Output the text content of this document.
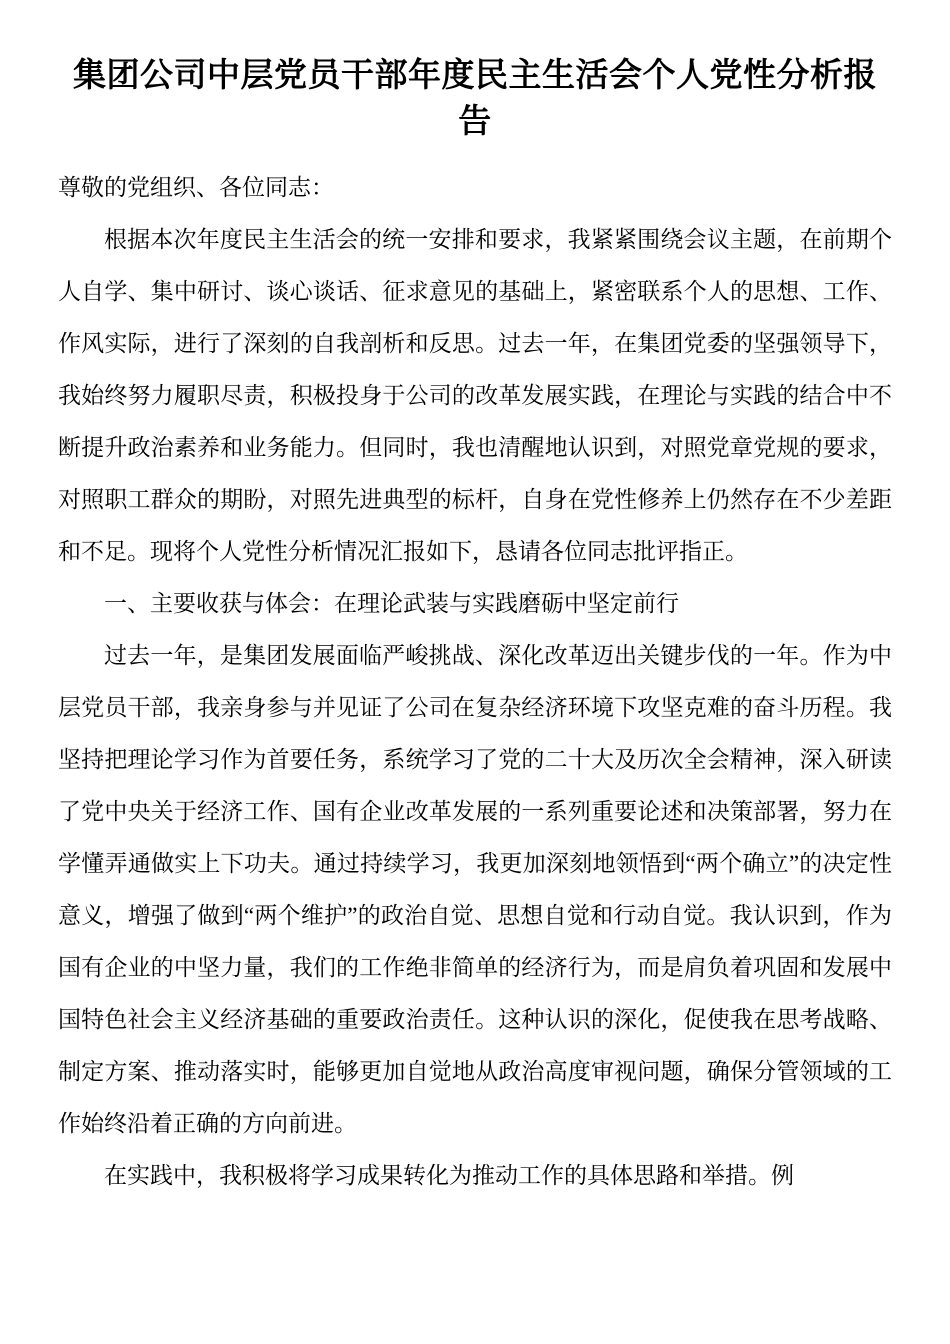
集团公司中层党员干部年度民主生活会个人党性分析报告

尊敬的党组织、各位同志：

根据本次年度民主生活会的统一安排和要求，我紧紧围绕会议主题，在前期个人自学、集中研讨、谈心谈话、征求意见的基础上，紧密联系个人的思想、工作、作风实际，进行了深刻的自我剖析和反思。过去一年，在集团党委的坚强领导下，我始终努力履职尽责，积极投身于公司的改革发展实践，在理论与实践的结合中不断提升政治素养和业务能力。但同时，我也清醒地认识到，对照党章党规的要求，对照职工群众的期盼，对照先进典型的标杆，自身在党性修养上仍然存在不少差距和不足。现将个人党性分析情况汇报如下，恳请各位同志批评指正。

一、主要收获与体会：在理论武装与实践磨砺中坚定前行

过去一年，是集团发展面临严峻挑战、深化改革迈出关键步伐的一年。作为中层党员干部，我亲身参与并见证了公司在复杂经济环境下攻坚克难的奋斗历程。我坚持把理论学习作为首要任务，系统学习了党的二十大及历次全会精神，深入研读了党中央关于经济工作、国有企业改革发展的一系列重要论述和决策部署，努力在学懂弄通做实上下功夫。通过持续学习，我更加深刻地领悟到“两个确立”的决定性意义，增强了做到“两个维护”的政治自觉、思想自觉和行动自觉。我认识到，作为国有企业的中坚力量，我们的工作绝非简单的经济行为，而是肩负着巩固和发展中国特色社会主义经济基础的重要政治责任。这种认识的深化，促使我在思考战略、制定方案、推动落实时，能够更加自觉地从政治高度审视问题，确保分管领域的工作始终沿着正确的方向前进。

在实践中，我积极将学习成果转化为推动工作的具体思路和举措。例
